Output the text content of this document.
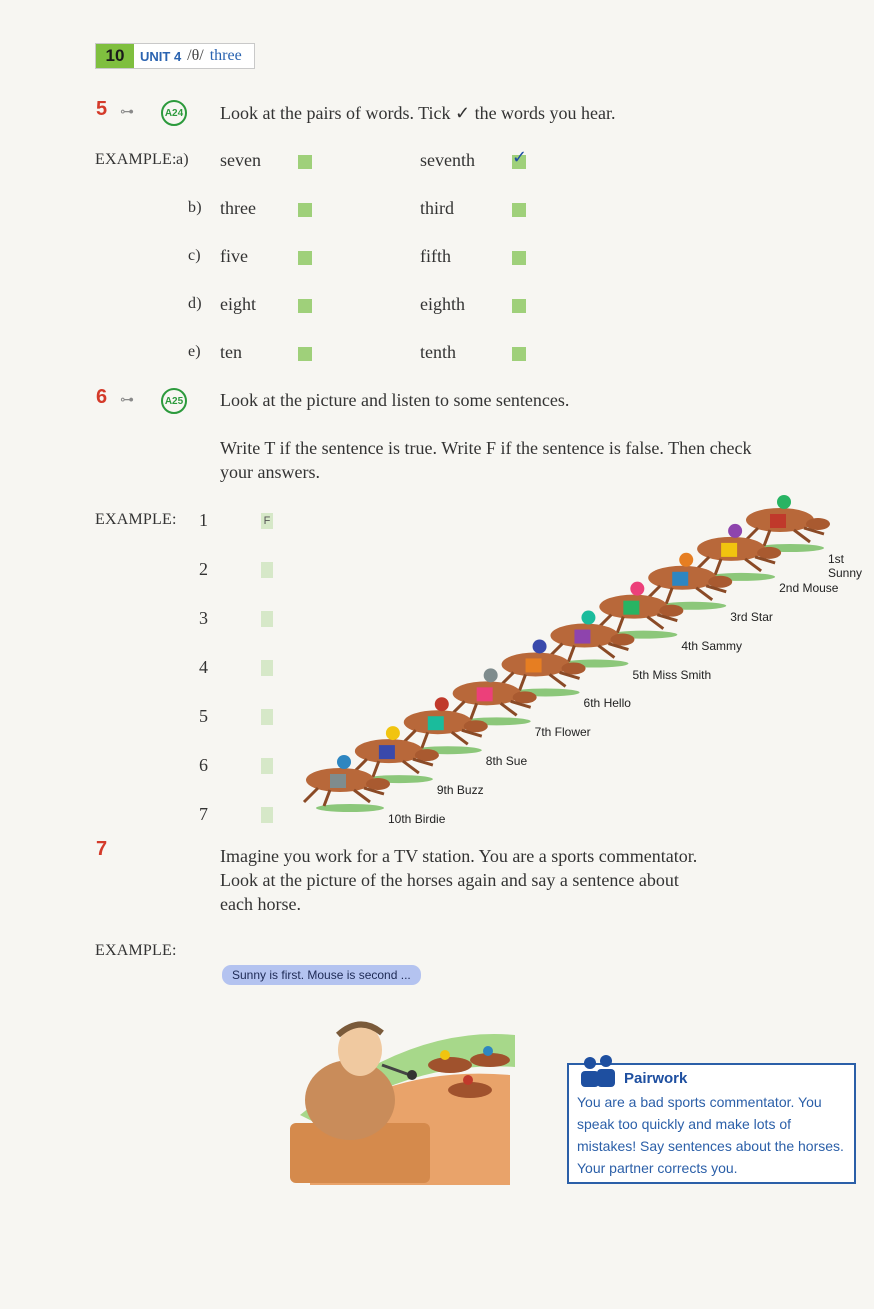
10	UNIT 4 /θ/ three
5 ⊶	A24 Look at the pairs of words. Tick ✓ the words you hear.
EXAMPLE: a) seven	seventh ✓
b) three	third
c) five	fifth
d) eight	eighth
e) ten	tenth
6 ⊶	A25 Look at the picture and listen to some sentences.
Write T if the sentence is true. Write F if the sentence is false. Then check
your answers.
EXAMPLE: 1	F
2
3
4
5
6
7
1st Sunny
2nd Mouse
3rd Star
4th Sammy
5th Miss Smith
6th Hello
7th Flower
8th Sue
9th Buzz
10th Birdie
7	Imagine you work for a TV station. You are a sports commentator.
Look at the picture of the horses again and say a sentence about
each horse.
EXAMPLE:
Sunny is first. Mouse is second ...
Pairwork
You are a bad sports commentator. You speak too quickly and make lots of mistakes! Say sentences about the horses. Your partner corrects you.
